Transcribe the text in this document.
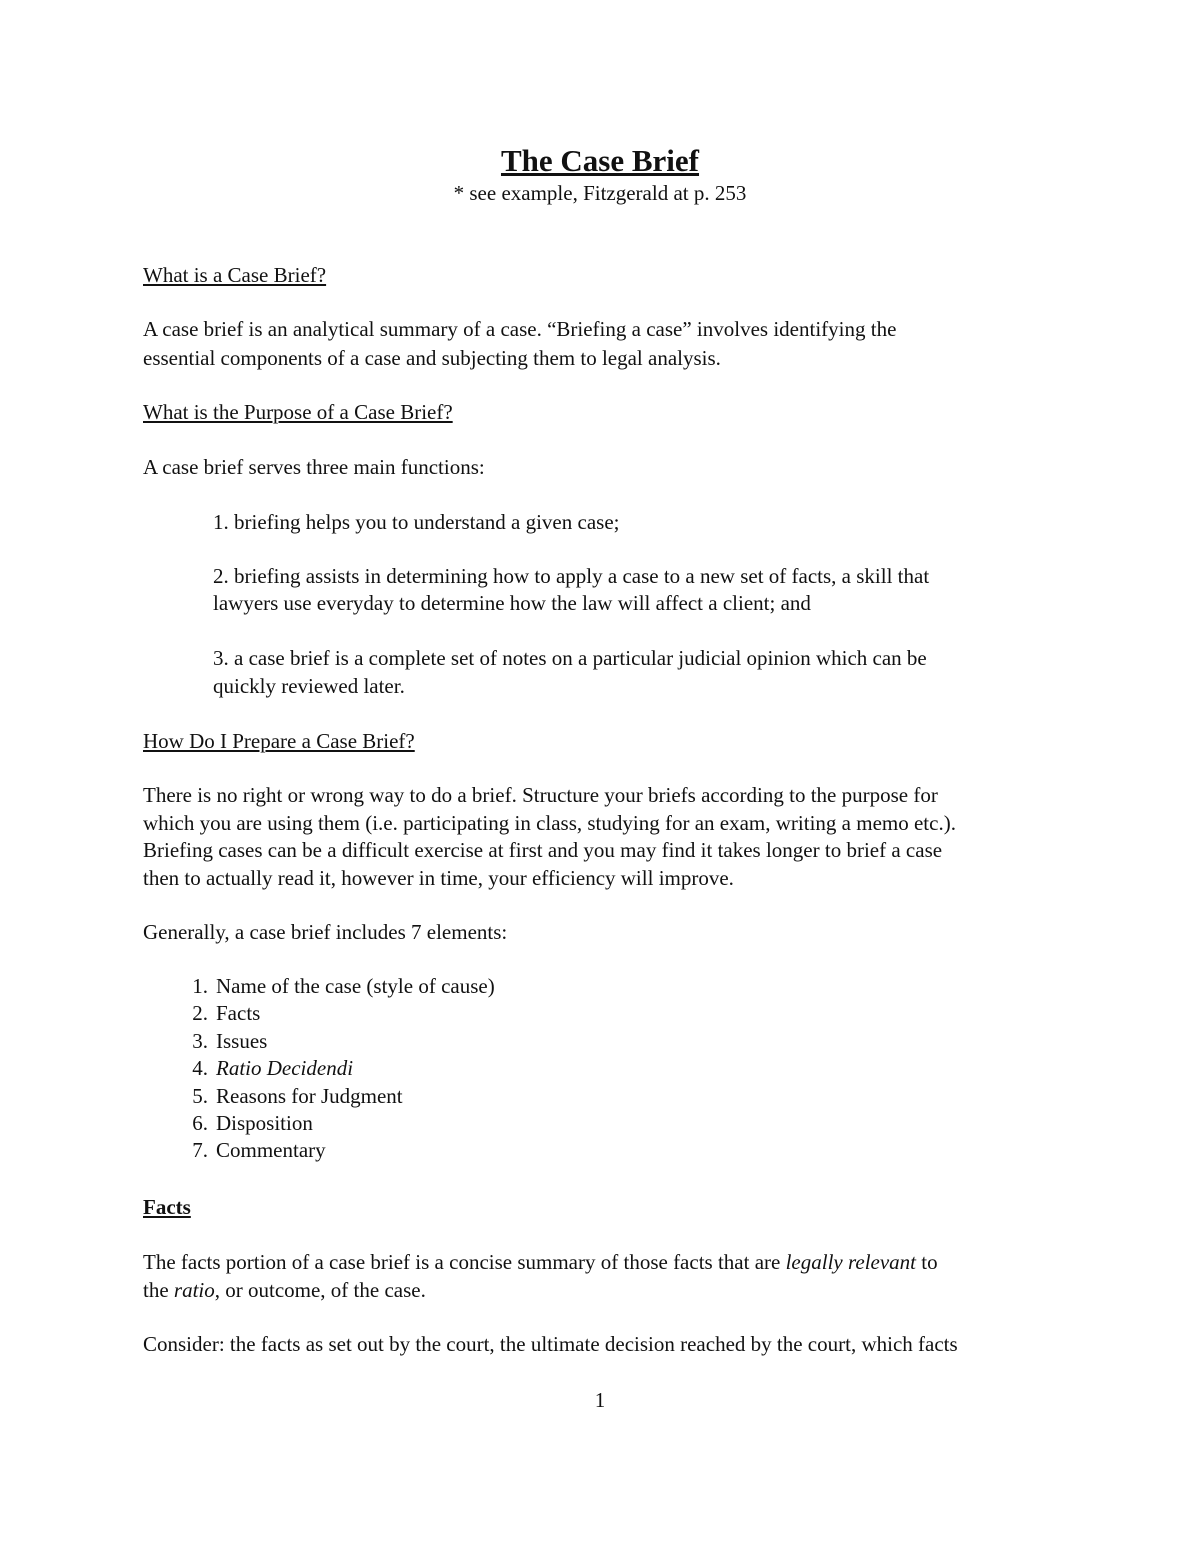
The Case Brief
* see example, Fitzgerald at p. 253
What is a Case Brief?
A case brief is an analytical summary of a case. “Briefing a case” involves identifying the
essential components of a case and subjecting them to legal analysis.
What is the Purpose of a Case Brief?
A case brief serves three main functions:
1. briefing helps you to understand a given case;
2. briefing assists in determining how to apply a case to a new set of facts, a skill that
lawyers use everyday to determine how the law will affect a client; and
3. a case brief is a complete set of notes on a particular judicial opinion which can be
quickly reviewed later.
How Do I Prepare a Case Brief?
There is no right or wrong way to do a brief. Structure your briefs according to the purpose for
which you are using them (i.e. participating in class, studying for an exam, writing a memo etc.).
Briefing cases can be a difficult exercise at first and you may find it takes longer to brief a case
then to actually read it, however in time, your efficiency will improve.
Generally, a case brief includes 7 elements:
1. Name of the case (style of cause)
2. Facts
3. Issues
4. Ratio Decidendi
5. Reasons for Judgment
6. Disposition
7. Commentary
Facts
The facts portion of a case brief is a concise summary of those facts that are legally relevant to
the ratio, or outcome, of the case.
Consider: the facts as set out by the court, the ultimate decision reached by the court, which facts
1
